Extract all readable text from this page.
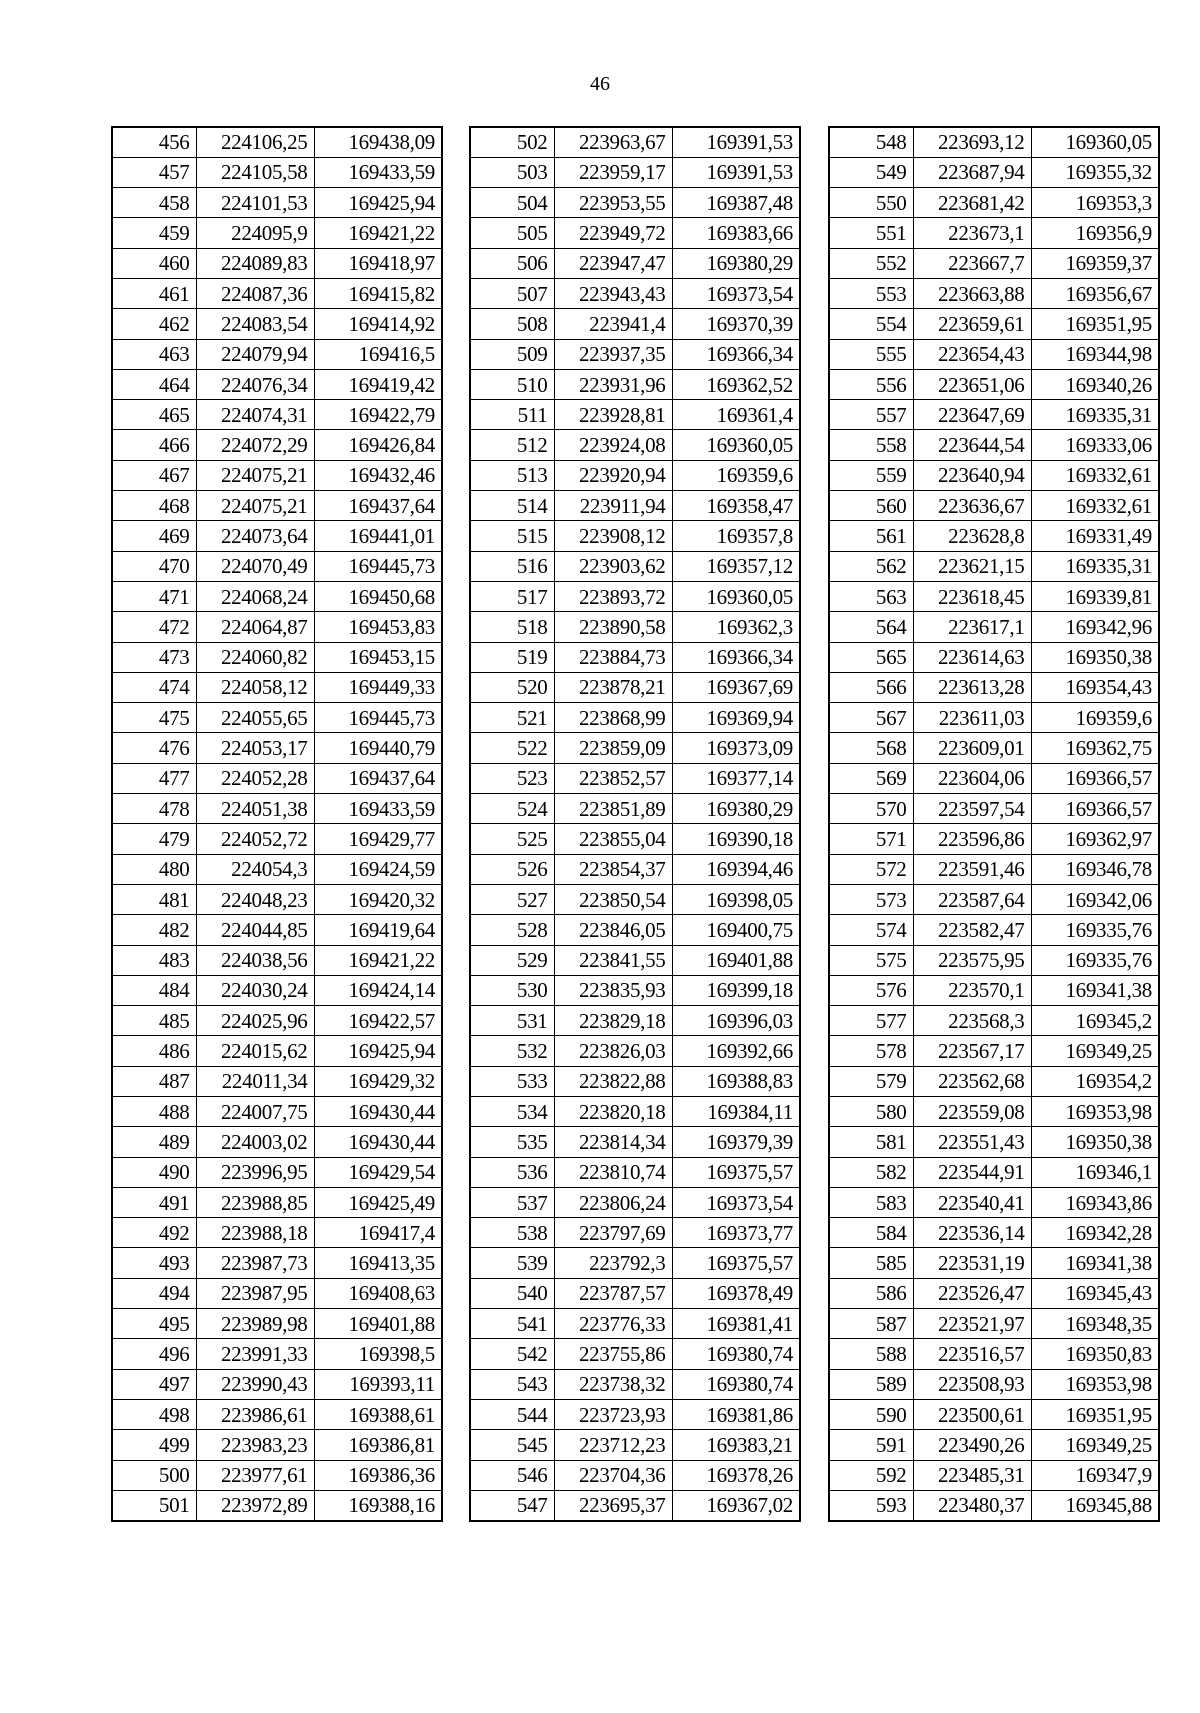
46
456	224106,25	169438,09
457	224105,58	169433,59
458	224101,53	169425,94
459	224095,9	169421,22
460	224089,83	169418,97
461	224087,36	169415,82
462	224083,54	169414,92
463	224079,94	169416,5
464	224076,34	169419,42
465	224074,31	169422,79
466	224072,29	169426,84
467	224075,21	169432,46
468	224075,21	169437,64
469	224073,64	169441,01
470	224070,49	169445,73
471	224068,24	169450,68
472	224064,87	169453,83
473	224060,82	169453,15
474	224058,12	169449,33
475	224055,65	169445,73
476	224053,17	169440,79
477	224052,28	169437,64
478	224051,38	169433,59
479	224052,72	169429,77
480	224054,3	169424,59
481	224048,23	169420,32
482	224044,85	169419,64
483	224038,56	169421,22
484	224030,24	169424,14
485	224025,96	169422,57
486	224015,62	169425,94
487	224011,34	169429,32
488	224007,75	169430,44
489	224003,02	169430,44
490	223996,95	169429,54
491	223988,85	169425,49
492	223988,18	169417,4
493	223987,73	169413,35
494	223987,95	169408,63
495	223989,98	169401,88
496	223991,33	169398,5
497	223990,43	169393,11
498	223986,61	169388,61
499	223983,23	169386,81
500	223977,61	169386,36
501	223972,89	169388,16
502	223963,67	169391,53
503	223959,17	169391,53
504	223953,55	169387,48
505	223949,72	169383,66
506	223947,47	169380,29
507	223943,43	169373,54
508	223941,4	169370,39
509	223937,35	169366,34
510	223931,96	169362,52
511	223928,81	169361,4
512	223924,08	169360,05
513	223920,94	169359,6
514	223911,94	169358,47
515	223908,12	169357,8
516	223903,62	169357,12
517	223893,72	169360,05
518	223890,58	169362,3
519	223884,73	169366,34
520	223878,21	169367,69
521	223868,99	169369,94
522	223859,09	169373,09
523	223852,57	169377,14
524	223851,89	169380,29
525	223855,04	169390,18
526	223854,37	169394,46
527	223850,54	169398,05
528	223846,05	169400,75
529	223841,55	169401,88
530	223835,93	169399,18
531	223829,18	169396,03
532	223826,03	169392,66
533	223822,88	169388,83
534	223820,18	169384,11
535	223814,34	169379,39
536	223810,74	169375,57
537	223806,24	169373,54
538	223797,69	169373,77
539	223792,3	169375,57
540	223787,57	169378,49
541	223776,33	169381,41
542	223755,86	169380,74
543	223738,32	169380,74
544	223723,93	169381,86
545	223712,23	169383,21
546	223704,36	169378,26
547	223695,37	169367,02
548	223693,12	169360,05
549	223687,94	169355,32
550	223681,42	169353,3
551	223673,1	169356,9
552	223667,7	169359,37
553	223663,88	169356,67
554	223659,61	169351,95
555	223654,43	169344,98
556	223651,06	169340,26
557	223647,69	169335,31
558	223644,54	169333,06
559	223640,94	169332,61
560	223636,67	169332,61
561	223628,8	169331,49
562	223621,15	169335,31
563	223618,45	169339,81
564	223617,1	169342,96
565	223614,63	169350,38
566	223613,28	169354,43
567	223611,03	169359,6
568	223609,01	169362,75
569	223604,06	169366,57
570	223597,54	169366,57
571	223596,86	169362,97
572	223591,46	169346,78
573	223587,64	169342,06
574	223582,47	169335,76
575	223575,95	169335,76
576	223570,1	169341,38
577	223568,3	169345,2
578	223567,17	169349,25
579	223562,68	169354,2
580	223559,08	169353,98
581	223551,43	169350,38
582	223544,91	169346,1
583	223540,41	169343,86
584	223536,14	169342,28
585	223531,19	169341,38
586	223526,47	169345,43
587	223521,97	169348,35
588	223516,57	169350,83
589	223508,93	169353,98
590	223500,61	169351,95
591	223490,26	169349,25
592	223485,31	169347,9
593	223480,37	169345,88
